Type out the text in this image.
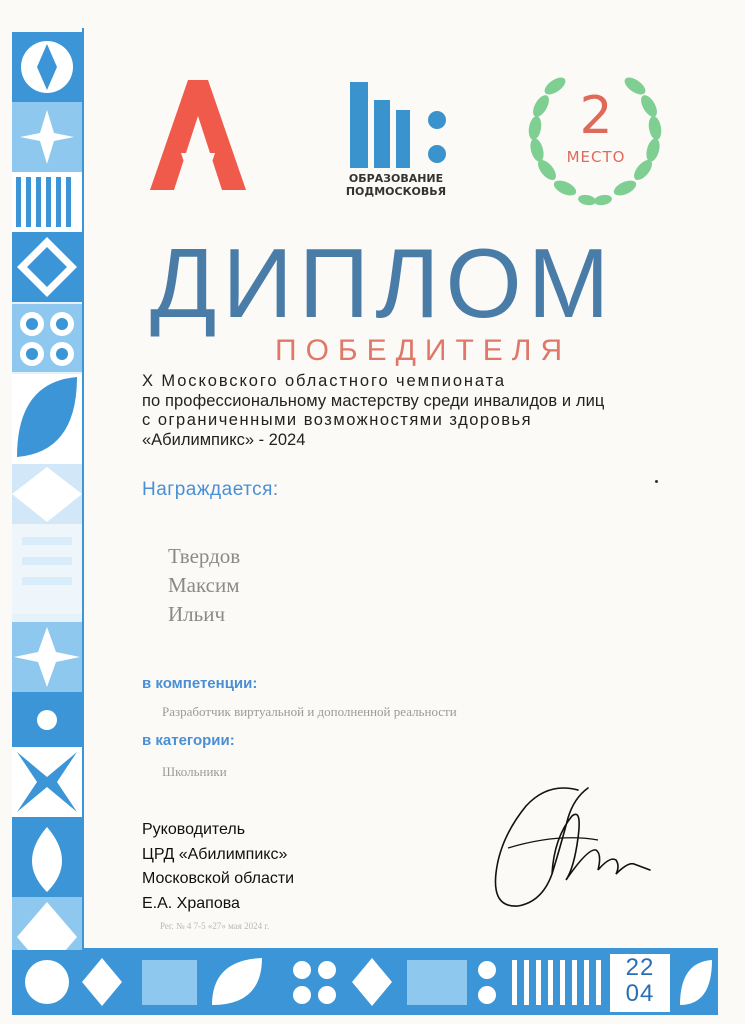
22
04
ОБРАЗОВАНИЕ
ПОДМОСКОВЬЯ
2
МЕСТО
ДИПЛОМ
ПОБЕДИТЕЛЯ
X Московского областного чемпионата
по профессиональному мастерству среди инвалидов и лиц
с ограниченными возможностями здоровья
«Абилимпикс» - 2024
Награждается:
Твердов
Максим
Ильич
в компетенции:
Разработчик виртуальной и дополненной реальности
в категории:
Школьники
Руководитель
ЦРД «Абилимпикс»
Московской области
Е.А. Храпова
Рег. № 4 7-5 «27» мая 2024 г.
